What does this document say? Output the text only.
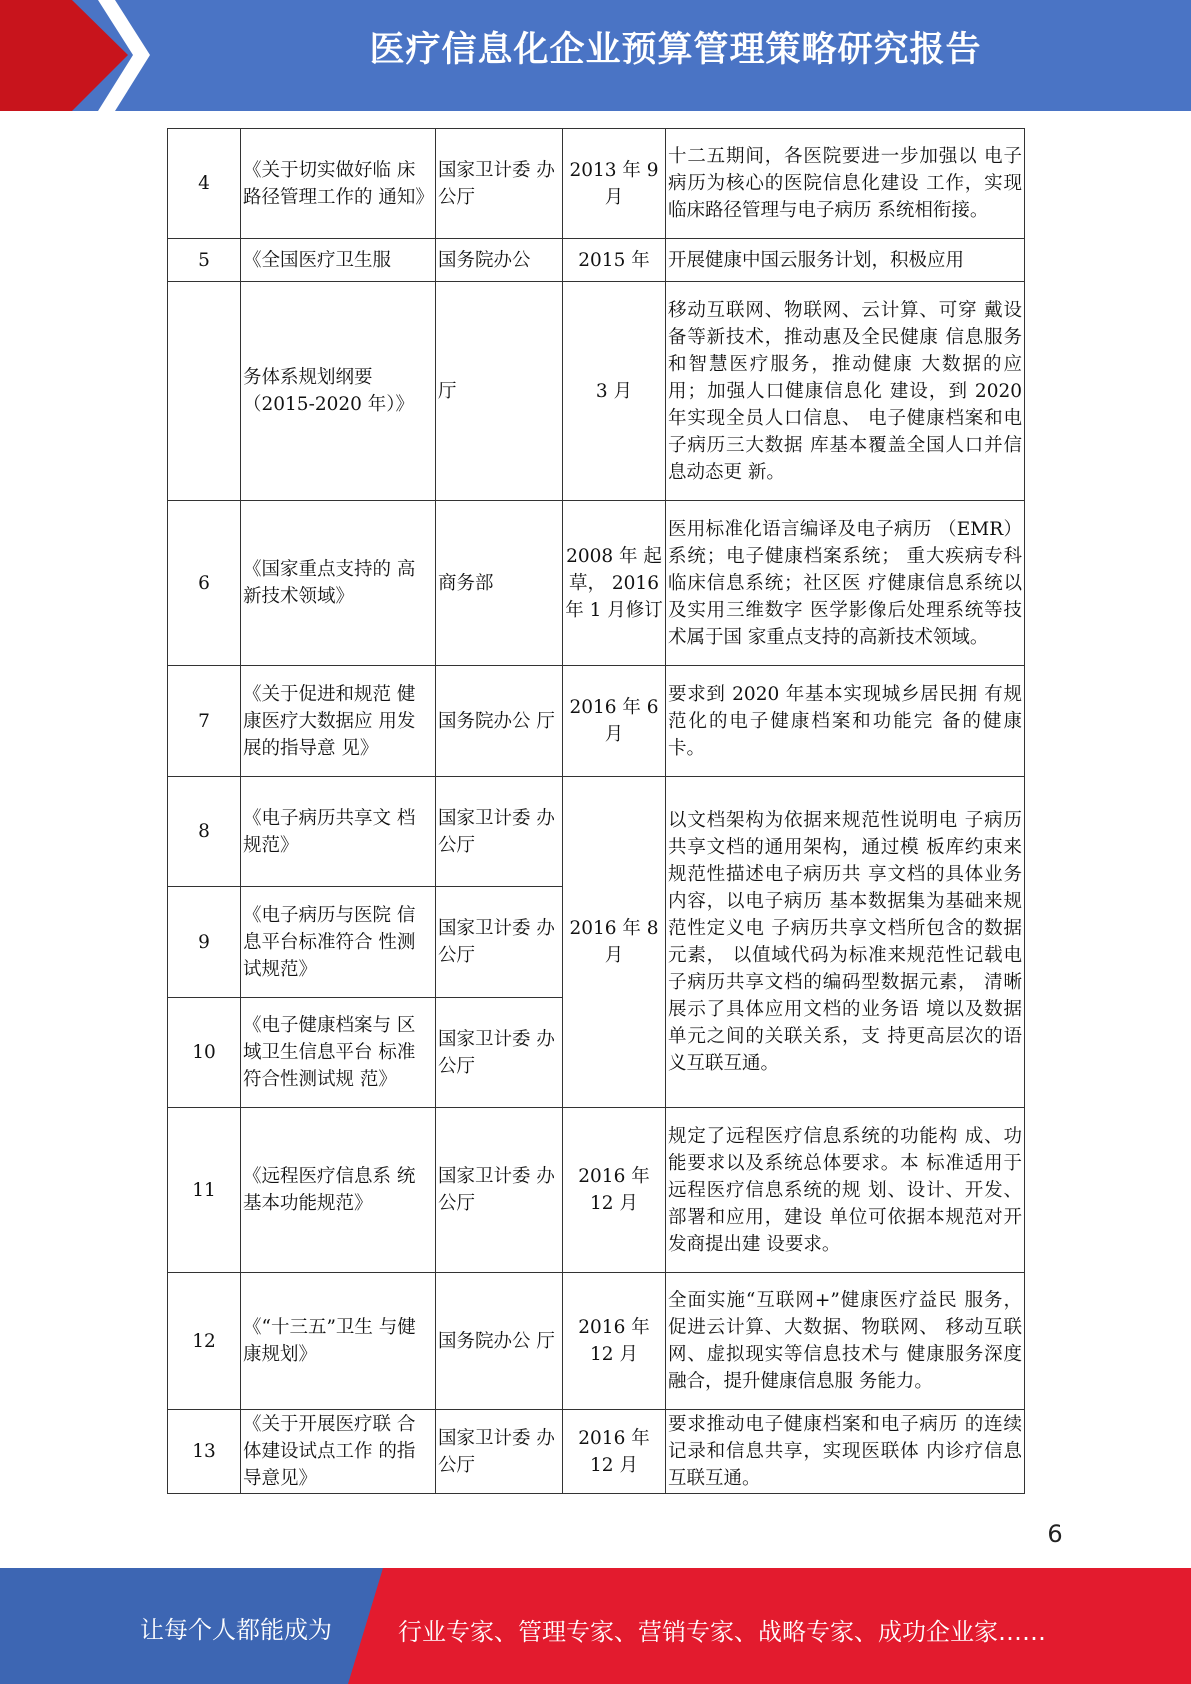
医疗信息化企业预算管理策略研究报告
4	《关于切实做好临 床路径管理工作的 通知》	国家卫计委 办公厅	2013 年 9 月	十二五期间，各医院要进一步加强以 电子病历为核心的医院信息化建设 工作，实现临床路径管理与电子病历 系统相衔接。
5	《全国医疗卫生服	国务院办公	2015 年	开展健康中国云服务计划，积极应用
	务体系规划纲要 （2015-2020 年）》	厅	3 月	移动互联网、物联网、云计算、可穿 戴设备等新技术，推动惠及全民健康 信息服务和智慧医疗服务，推动健康 大数据的应用；加强人口健康信息化 建设，到 2020 年实现全员人口信息、 电子健康档案和电子病历三大数据 库基本覆盖全国人口并信息动态更 新。
6	《国家重点支持的 高新技术领域》	商务部	2008 年 起草， 2016 年 1 月修订	医用标准化语言编译及电子病历 （EMR）系统；电子健康档案系统； 重大疾病专科临床信息系统；社区医 疗健康信息系统以及实用三维数字 医学影像后处理系统等技术属于国 家重点支持的高新技术领域。
7	《关于促进和规范 健康医疗大数据应 用发展的指导意 见》	国务院办公 厅	2016 年 6 月	要求到 2020 年基本实现城乡居民拥 有规范化的电子健康档案和功能完 备的健康卡。
8	《电子病历共享文 档规范》	国家卫计委 办公厅	2016 年 8 月	以文档架构为依据来规范性说明电 子病历共享文档的通用架构，通过模 板库约束来规范性描述电子病历共 享文档的具体业务内容，以电子病历 基本数据集为基础来规范性定义电 子病历共享文档所包含的数据元素， 以值域代码为标准来规范性记载电 子病历共享文档的编码型数据元素， 清晰展示了具体应用文档的业务语 境以及数据单元之间的关联关系，支 持更高层次的语义互联互通。
9	《电子病历与医院 信息平台标准符合 性测试规范》	国家卫计委 办公厅		
10	《电子健康档案与 区域卫生信息平台 标准符合性测试规 范》	国家卫计委 办公厅		
11	《远程医疗信息系 统基本功能规范》	国家卫计委 办公厅	2016 年 12 月	规定了远程医疗信息系统的功能构 成、功能要求以及系统总体要求。本 标准适用于远程医疗信息系统的规 划、设计、开发、部署和应用，建设 单位可依据本规范对开发商提出建 设要求。
12	《“十三五”卫生 与健康规划》	国务院办公 厅	2016 年 12 月	全面实施“互联网+”健康医疗益民 服务，促进云计算、大数据、物联网、 移动互联网、虚拟现实等信息技术与 健康服务深度融合，提升健康信息服 务能力。
13	《关于开展医疗联 合体建设试点工作 的指导意见》	国家卫计委 办公厅	2016 年 12 月	要求推动电子健康档案和电子病历 的连续记录和信息共享，实现医联体 内诊疗信息互联互通。
6
让每个人都能成为	行业专家、管理专家、营销专家、战略专家、成功企业家……
